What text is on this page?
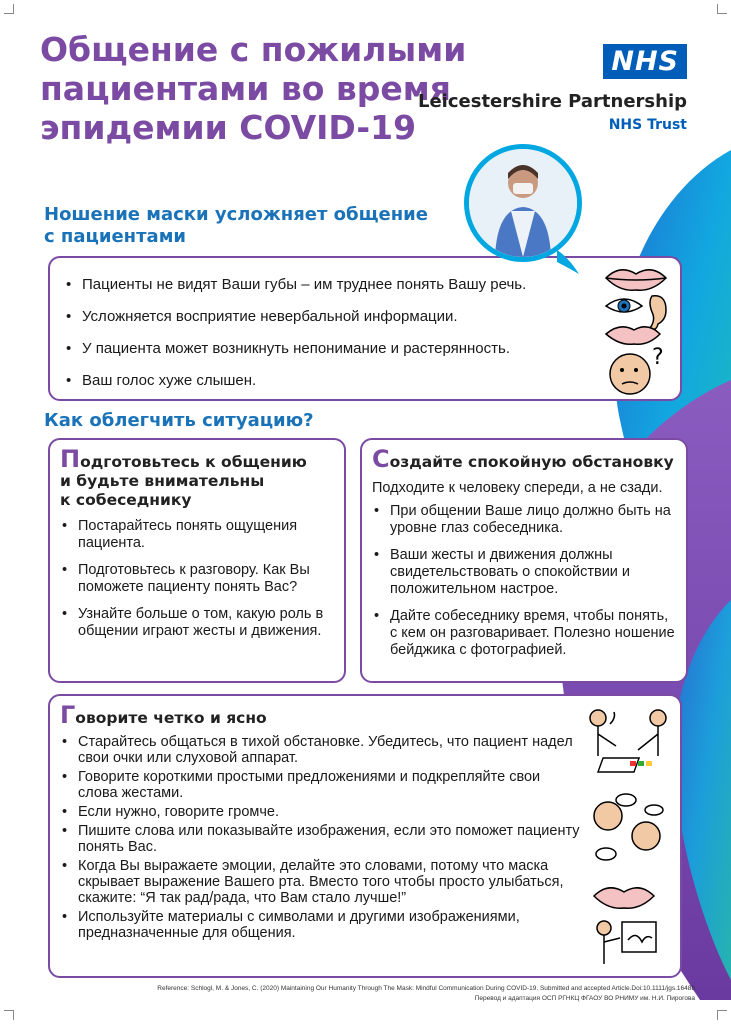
Общение с пожилыми
пациентами во время
эпидемии COVID-19
NHS
Leicestershire Partnership
NHS Trust
Ношение маски усложняет общение
с пациентами
• Пациенты не видят Ваши губы – им труднее понять Вашу речь.
• Усложняется восприятие невербальной информации.
• У пациента может возникнуть непонимание и растерянность.
• Ваш голос хуже слышен.
?
Как облегчить ситуацию?
Подготовьтесь к общению
и будьте внимательны
к собеседнику
• Постарайтесь понять ощущения пациента.
• Подготовьтесь к разговору. Как Вы поможете пациенту понять Вас?
• Узнайте больше о том, какую роль в общении играют жесты и движения.
Создайте спокойную обстановку
Подходите к человеку спереди, а не сзади.
• При общении Ваше лицо должно быть на уровне глаз собеседника.
• Ваши жесты и движения должны свидетельствовать о спокойствии и положительном настрое.
• Дайте собеседнику время, чтобы понять, с кем он разговаривает. Полезно ношение бейджика с фотографией.
Говорите четко и ясно
• Старайтесь общаться в тихой обстановке. Убедитесь, что пациент надел свои очки или слуховой аппарат.
• Говорите короткими простыми предложениями и подкрепляйте свои слова жестами.
• Если нужно, говорите громче.
• Пишите слова или показывайте изображения, если это поможет пациенту понять Вас.
• Когда Вы выражаете эмоции, делайте это словами, потому что маска скрывает выражение Вашего рта. Вместо того чтобы просто улыбаться, скажите: “Я так рад/рада, что Вам стало лучше!”
• Используйте материалы с символами и другими изображениями, предназначенные для общения.
Reference: Schlogl, M. & Jones, C. (2020) Maintaining Our Humanity Through The Mask: Mindful Communication During COVID-19. Submitted and accepted Article.Doi:10.1111/jgs.16488
Перевод и адаптация ОСП РГНКЦ ФГАОУ ВО РНИМУ им. Н.И. Пирогова
